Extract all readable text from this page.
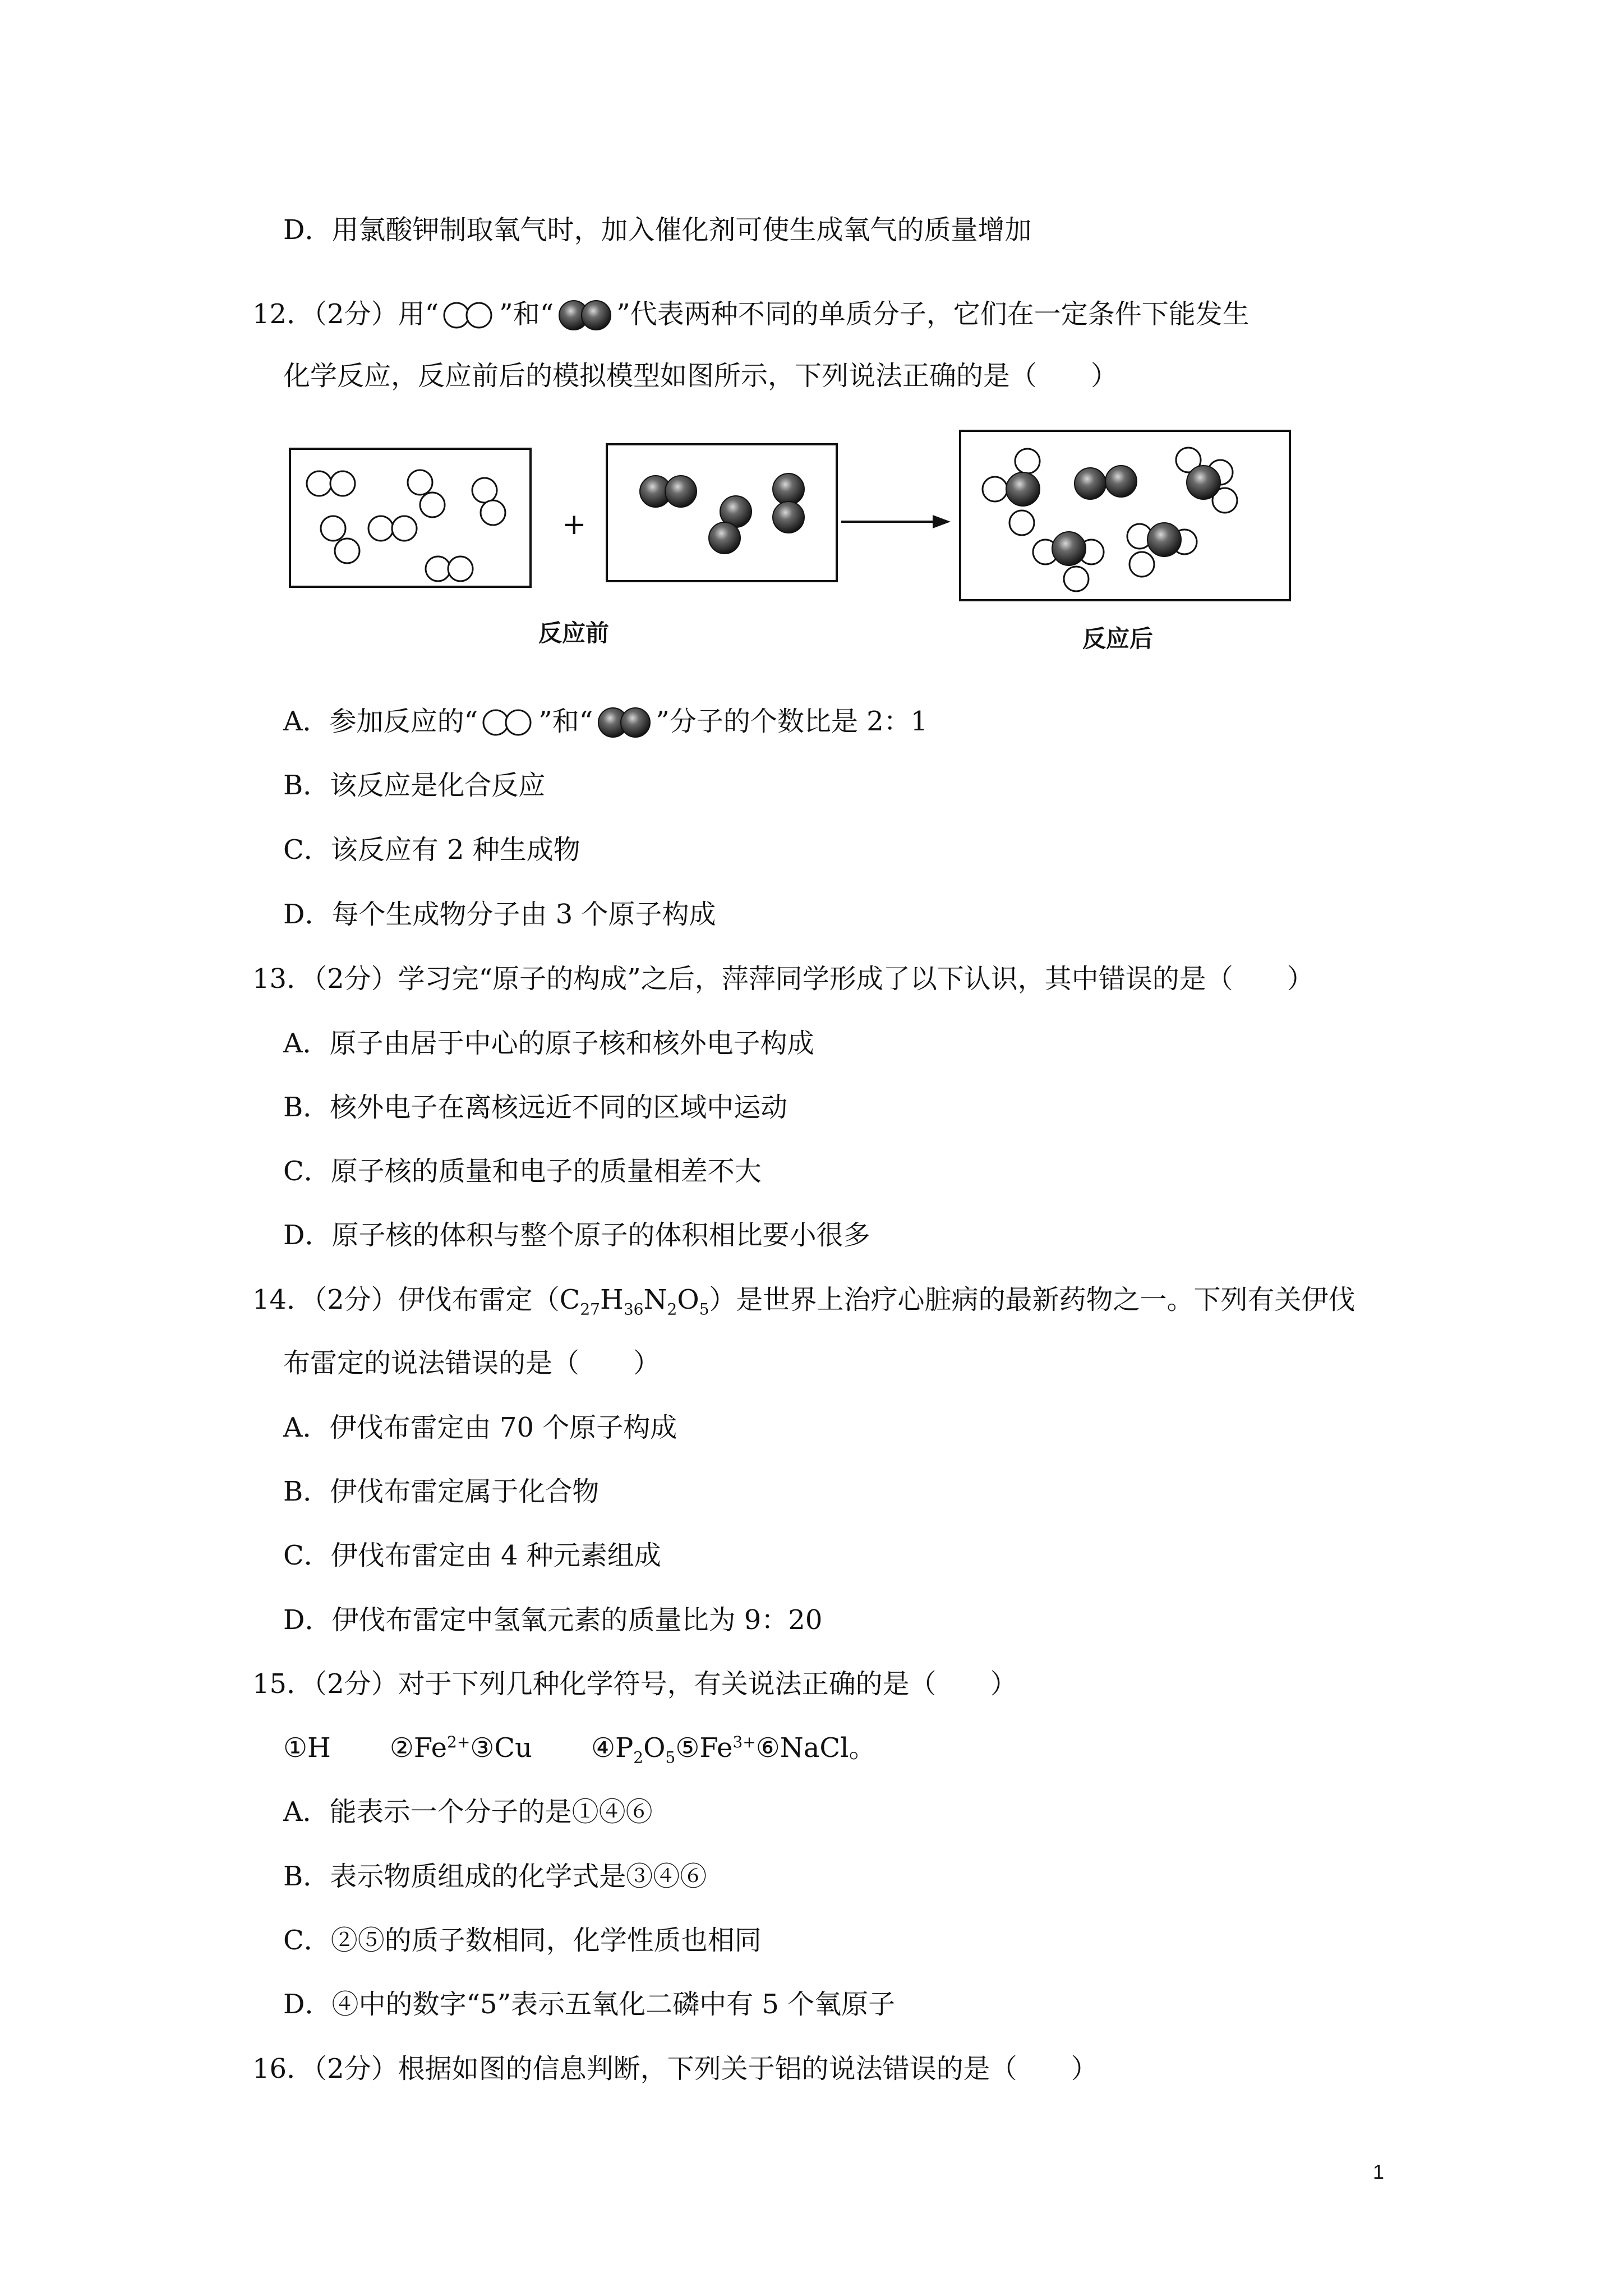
D．用氯酸钾制取氧气时，加入催化剂可使生成氧气的质量增加
12．（2分）用“ ”和“ ”代表两种不同的单质分子，它们在一定条件下能发生
化学反应，反应前后的模拟模型如图所示，下列说法正确的是（　　）
+
反应前	反应后
A．参加反应的“ ”和“ ”分子的个数比是 2：1
B．该反应是化合反应
C．该反应有 2 种生成物
D．每个生成物分子由 3 个原子构成
13．（2分）学习完“原子的构成”之后，萍萍同学形成了以下认识，其中错误的是（　　）
A．原子由居于中心的原子核和核外电子构成
B．核外电子在离核远近不同的区域中运动
C．原子核的质量和电子的质量相差不大
D．原子核的体积与整个原子的体积相比要小很多
14．（2分）伊伐布雷定$(C_{27}H_{36}N_2O_5)$是世界上治疗心脏病的最新药物之一。下列有关伊伐
布雷定的说法错误的是（　　）
A．伊伐布雷定由 70 个原子构成
B．伊伐布雷定属于化合物
C．伊伐布雷定由 4 种元素组成
D．伊伐布雷定中氢氧元素的质量比为 9：20
15．（2分）对于下列几种化学符号，有关说法正确的是（　　）
①H $②Fe^{2+}③Cu$ $④P_2O_5⑤Fe^{3+}⑥NaCl$。
A．能表示一个分子的是①④⑥
B．表示物质组成的化学式是③④⑥
C．②⑤的质子数相同，化学性质也相同
D．④中的数字“5”表示五氧化二磷中有 5 个氧原子
16．（2分）根据如图的信息判断，下列关于铝的说法错误的是（　　）
1
